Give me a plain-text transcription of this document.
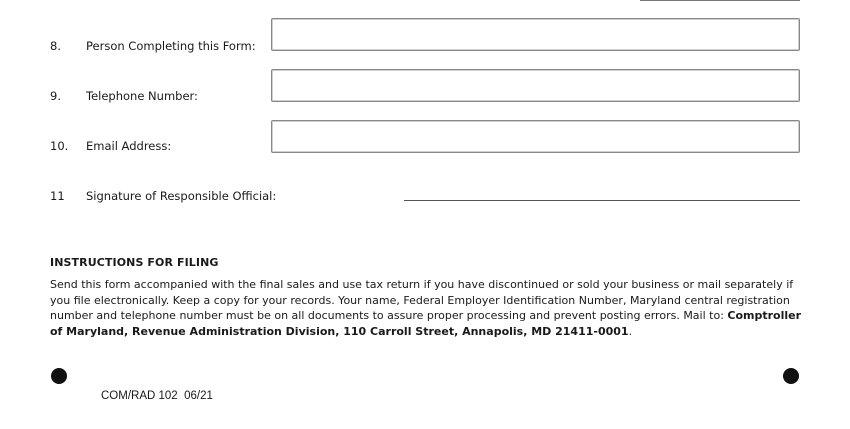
8. Person Completing this Form:
9. Telephone Number:
10. Email Address:
11 Signature of Responsible Official:
INSTRUCTIONS FOR FILING
Send this form accompanied with the final sales and use tax return if you have discontinued or sold your business or mail separately if you file electronically. Keep a copy for your records. Your name, Federal Employer Identification Number, Maryland central registration number and telephone number must be on all documents to assure proper processing and prevent posting errors. Mail to: Comptroller of Maryland, Revenue Administration Division, 110 Carroll Street, Annapolis, MD 21411-0001.
COM/RAD 102  06/21
